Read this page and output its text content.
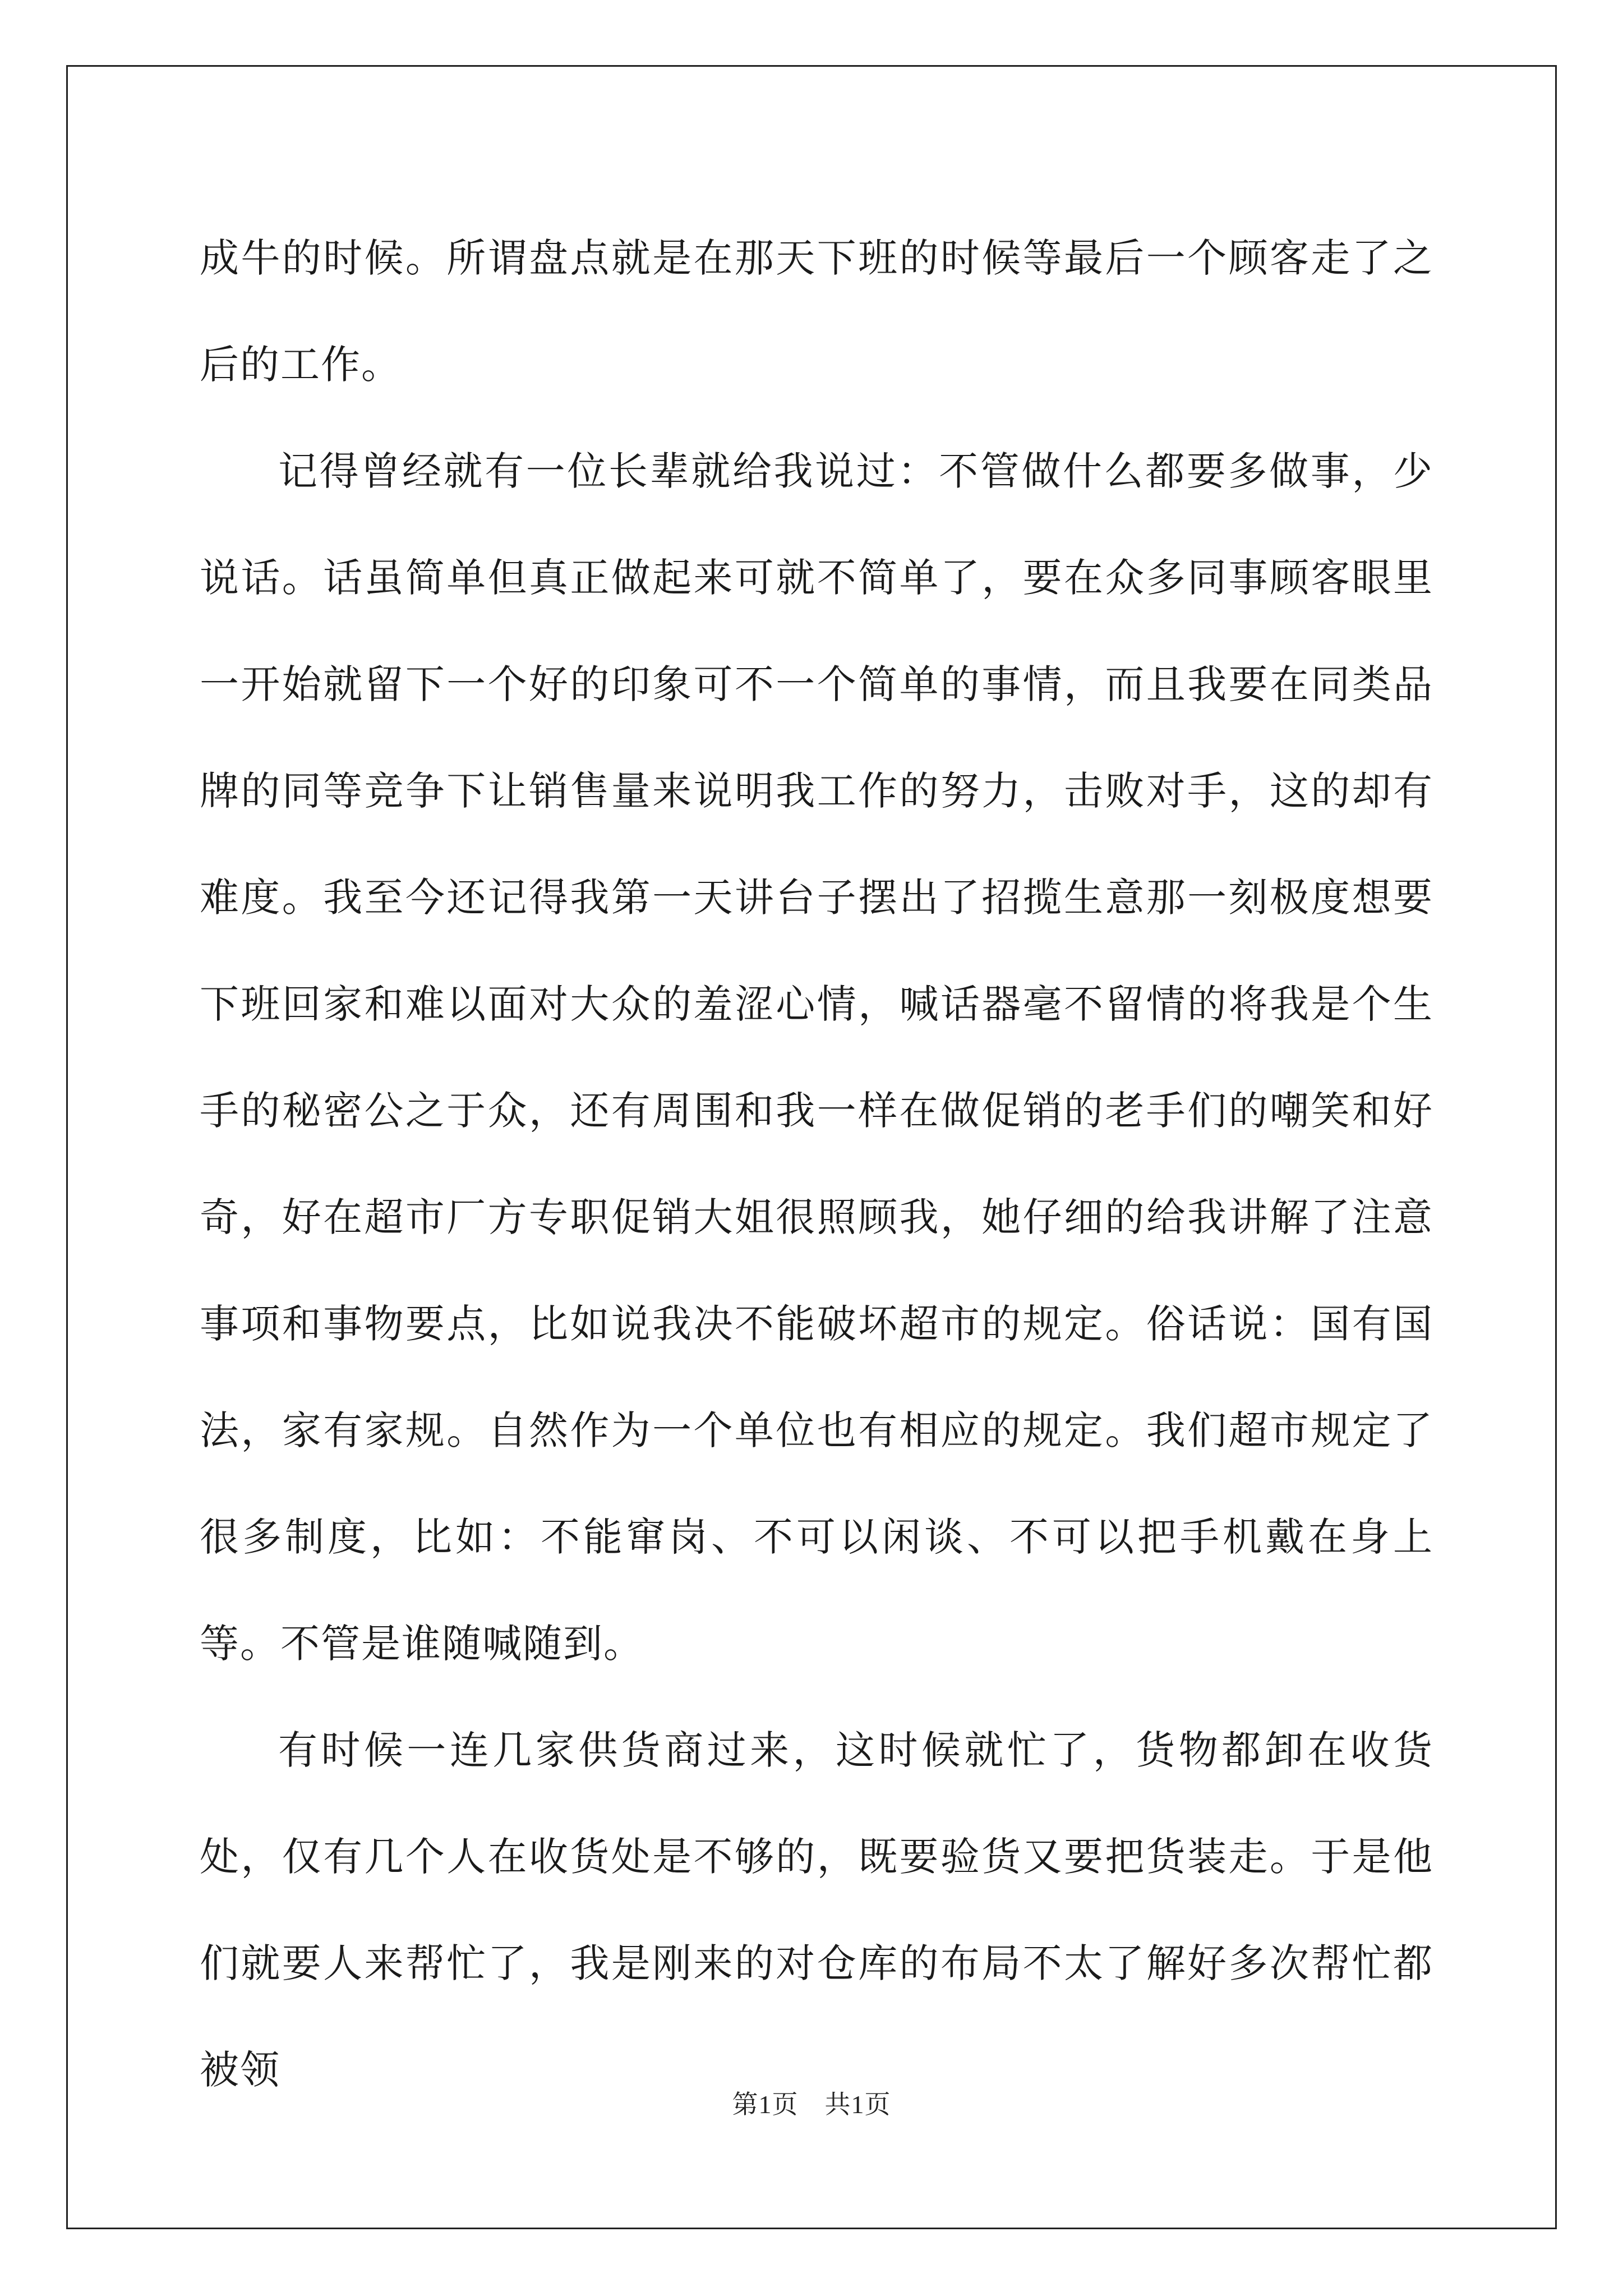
成牛的时候。所谓盘点就是在那天下班的时候等最后一个顾客走了之后的工作。

记得曾经就有一位长辈就给我说过：不管做什么都要多做事，少说话。话虽简单但真正做起来可就不简单了，要在众多同事顾客眼里一开始就留下一个好的印象可不一个简单的事情，而且我要在同类品牌的同等竞争下让销售量来说明我工作的努力，击败对手，这的却有难度。我至今还记得我第一天讲台子摆出了招揽生意那一刻极度想要下班回家和难以面对大众的羞涩心情，喊话器毫不留情的将我是个生手的秘密公之于众，还有周围和我一样在做促销的老手们的嘲笑和好奇，好在超市厂方专职促销大姐很照顾我，她仔细的给我讲解了注意事项和事物要点，比如说我决不能破坏超市的规定。俗话说：国有国法，家有家规。自然作为一个单位也有相应的规定。我们超市规定了很多制度，比如：不能窜岗、不可以闲谈、不可以把手机戴在身上等。不管是谁随喊随到。

有时候一连几家供货商过来，这时候就忙了，货物都卸在收货处，仅有几个人在收货处是不够的，既要验货又要把货装走。于是他们就要人来帮忙了，我是刚来的对仓库的布局不太了解好多次帮忙都被领

第1页　共1页
